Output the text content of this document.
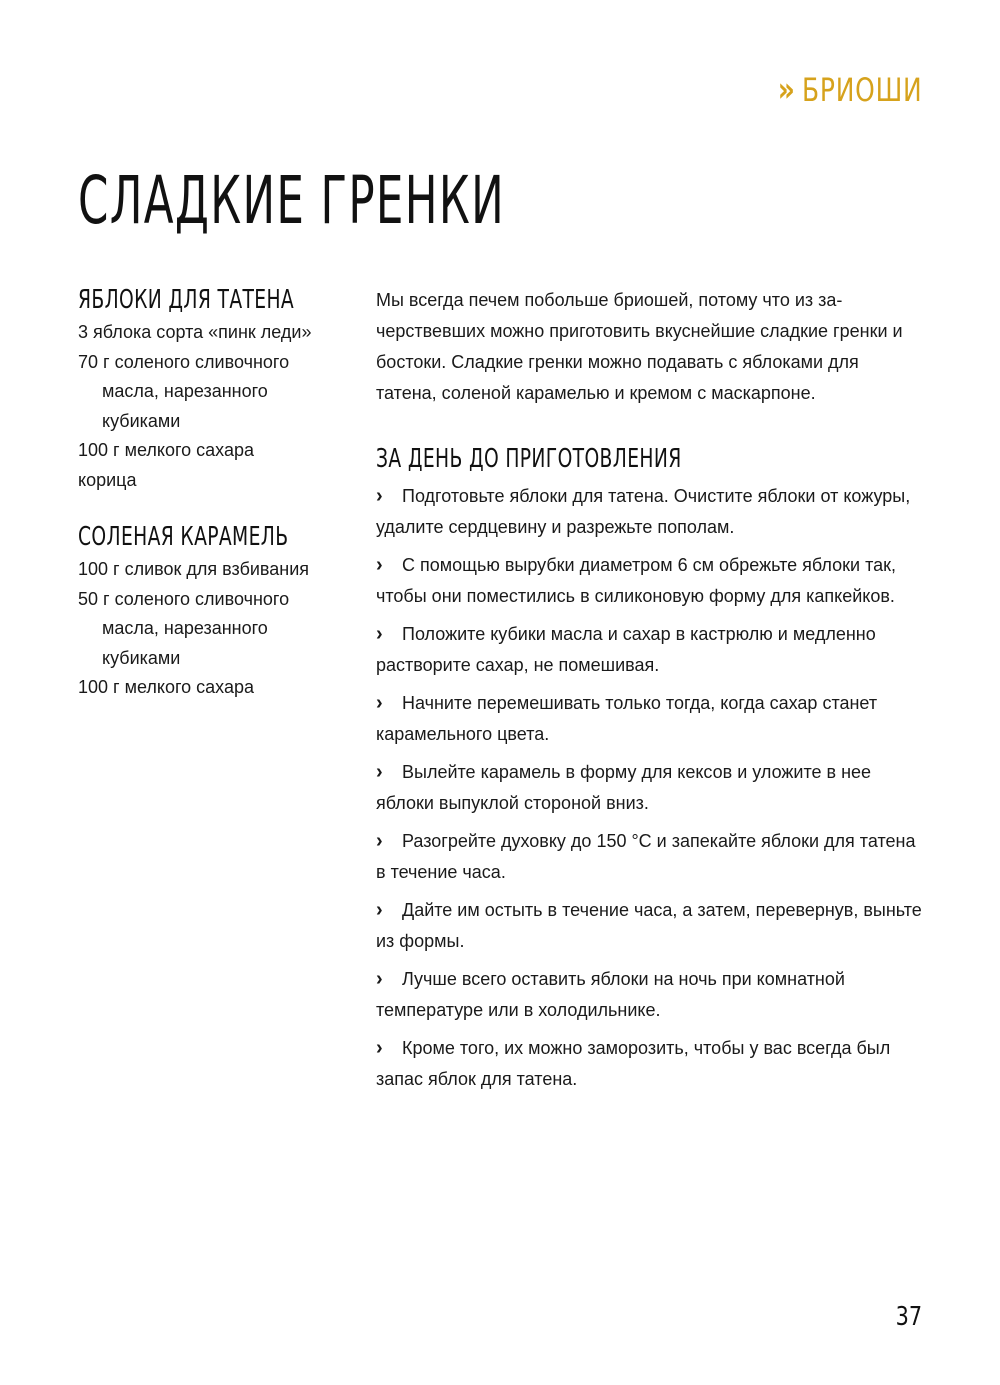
» БРИОШИ
СЛАДКИЕ ГРЕНКИ
ЯБЛОКИ ДЛЯ ТАТЕНА
3 яблока сорта «пинк леди»
70 г соленого сливочного масла, нарезанного кубиками
100 г мелкого сахара
корица
СОЛЕНАЯ КАРАМЕЛЬ
100 г сливок для взбивания
50 г соленого сливочного масла, нарезанного кубиками
100 г мелкого сахара

Мы всегда печем побольше бриошей, потому что из зачерствевших можно приготовить вкуснейшие сладкие гренки и бостоки. Сладкие гренки можно подавать с яблоками для татена, соленой карамелью и кремом с маскарпоне.

ЗА ДЕНЬ ДО ПРИГОТОВЛЕНИЯ
› Подготовьте яблоки для татена. Очистите яблоки от кожуры, удалите сердцевину и разрежьте пополам.
› С помощью вырубки диаметром 6 см обрежьте яблоки так, чтобы они поместились в силиконовую форму для капкейков.
› Положите кубики масла и сахар в кастрюлю и медленно растворите сахар, не помешивая.
› Начните перемешивать только тогда, когда сахар станет карамельного цвета.
› Вылейте карамель в форму для кексов и уложите в нее яблоки выпуклой стороной вниз.
› Разогрейте духовку до 150 °C и запекайте яблоки для татена в течение часа.
› Дайте им остыть в течение часа, а затем, перевернув, выньте из формы.
› Лучше всего оставить яблоки на ночь при комнатной температуре или в холодильнике.
› Кроме того, их можно заморозить, чтобы у вас всегда был запас яблок для татена.
37
